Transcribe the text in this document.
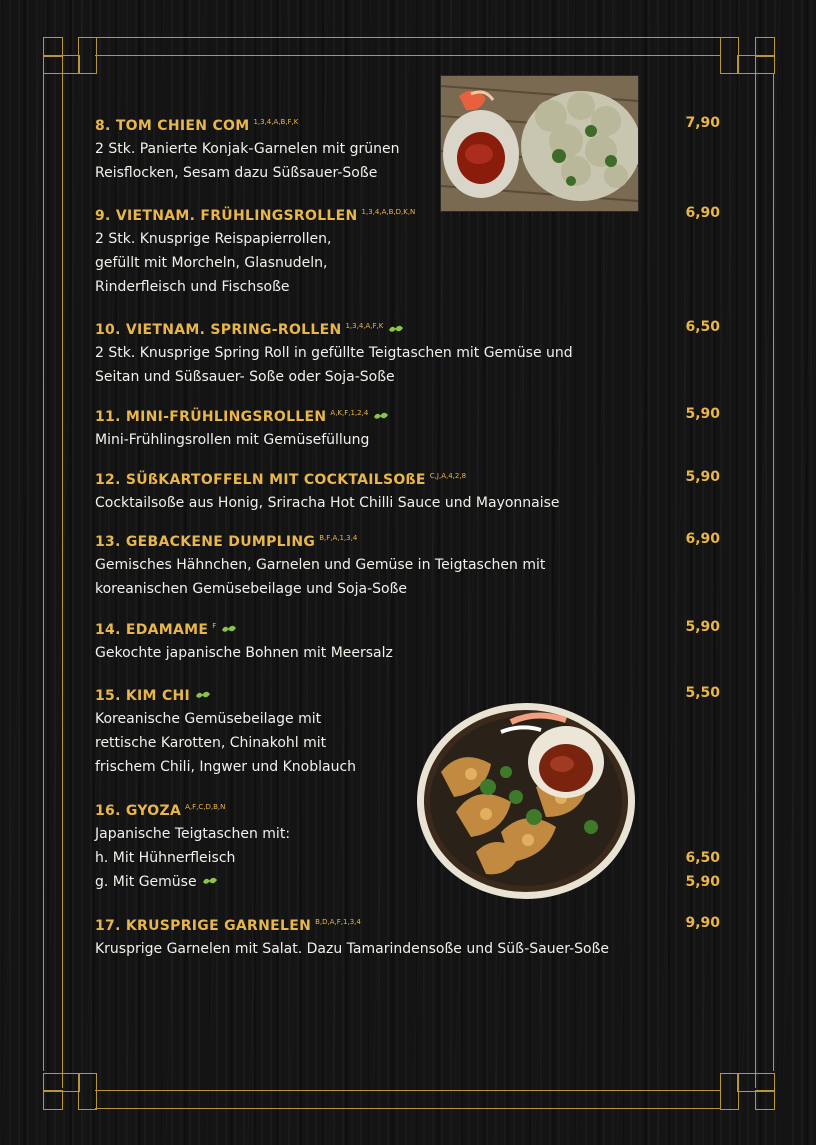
8. TOM CHIEN COM $^{1,3,4,A,B,F,K}$	7,90
2 Stk. Panierte Konjak-Garnelen mit grünen
Reisflocken, Sesam dazu Süßsauer-Soße
9. VIETNAM. FRÜHLINGSROLLEN $^{1,3,4,A,B,D,K,N}$	6,90
2 Stk. Knusprige Reispapierrollen,
gefüllt mit Morcheln, Glasnudeln,
Rinderfleisch und Fischsoße
10. VIETNAM. SPRING-ROLLEN $^{1,3,4,A,F,K}$	6,50
2 Stk. Knusprige Spring Roll in gefüllte Teigtaschen mit Gemüse und
Seitan und Süßsauer- Soße oder Soja-Soße
11. MINI-FRÜHLINGSROLLEN $^{A,K,F,1,2,4}$	5,90
Mini-Frühlingsrollen mit Gemüsefüllung
12. SÜßKARTOFFELN MIT COCKTAILSOßE $^{C,J,A,4,2,8}$	5,90
Cocktailsoße aus Honig, Sriracha Hot Chilli Sauce und Mayonnaise
13. GEBACKENE DUMPLING $^{B,F,A,1,3,4}$	6,90
Gemisches Hähnchen, Garnelen und Gemüse in Teigtaschen mit
koreanischen Gemüsebeilage und Soja-Soße
14. EDAMAME $^F$	5,90
Gekochte japanische Bohnen mit Meersalz
15. KIM CHI	5,50
Koreanische Gemüsebeilage mit
rettische Karotten, Chinakohl mit
frischem Chili, Ingwer und Knoblauch
16. GYOZA $^{A,F,C,D,B,N}$
Japanische Teigtaschen mit:
h. Mit Hühnerfleisch	6,50
g. Mit Gemüse	5,90
17. KRUSPRIGE GARNELEN $^{B,D,A,F,1,3,4}$	9,90
Krusprige Garnelen mit Salat. Dazu Tamarindensoße und Süß-Sauer-Soße
